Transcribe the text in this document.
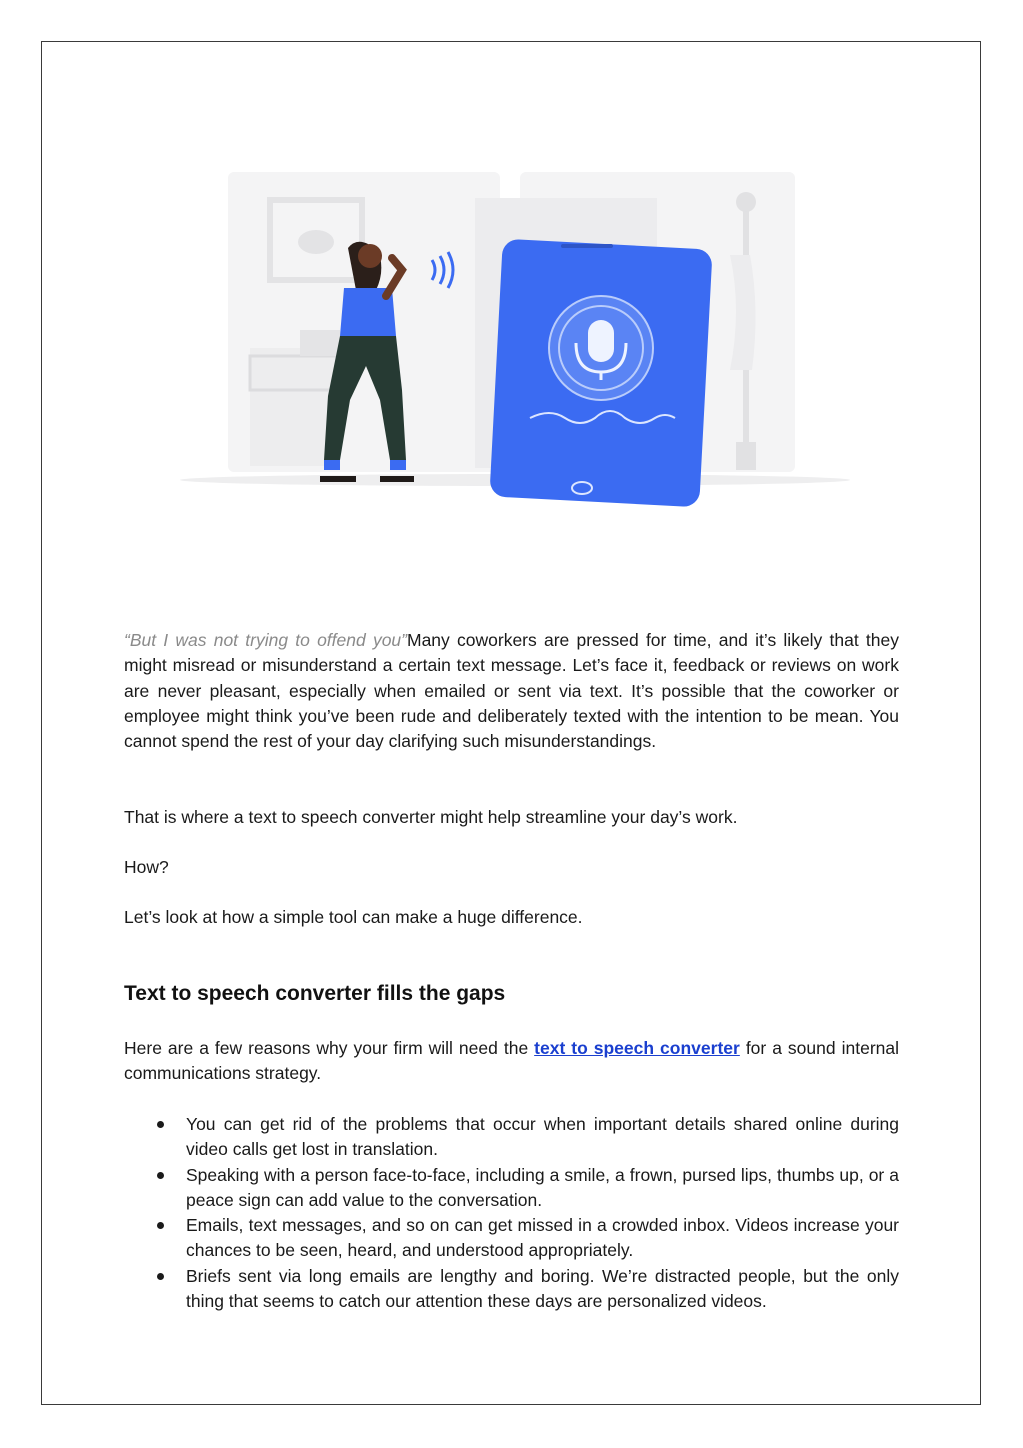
“But I was not trying to offend you”Many coworkers are pressed for time, and it’s likely that they might misread or misunderstand a certain text message. Let’s face it, feedback or reviews on work are never pleasant, especially when emailed or sent via text. It’s possible that the coworker or employee might think you’ve been rude and deliberately texted with the intention to be mean. You cannot spend the rest of your day clarifying such misunderstandings.

That is where a text to speech converter might help streamline your day’s work.

How?

Let’s look at how a simple tool can make a huge difference.

Text to speech converter fills the gaps

Here are a few reasons why your firm will need the text to speech converter for a sound internal communications strategy.

You can get rid of the problems that occur when important details shared online during video calls get lost in translation.
Speaking with a person face-to-face, including a smile, a frown, pursed lips, thumbs up, or a peace sign can add value to the conversation.
Emails, text messages, and so on can get missed in a crowded inbox. Videos increase your chances to be seen, heard, and understood appropriately.
Briefs sent via long emails are lengthy and boring. We’re distracted people, but the only thing that seems to catch our attention these days are personalized videos.
